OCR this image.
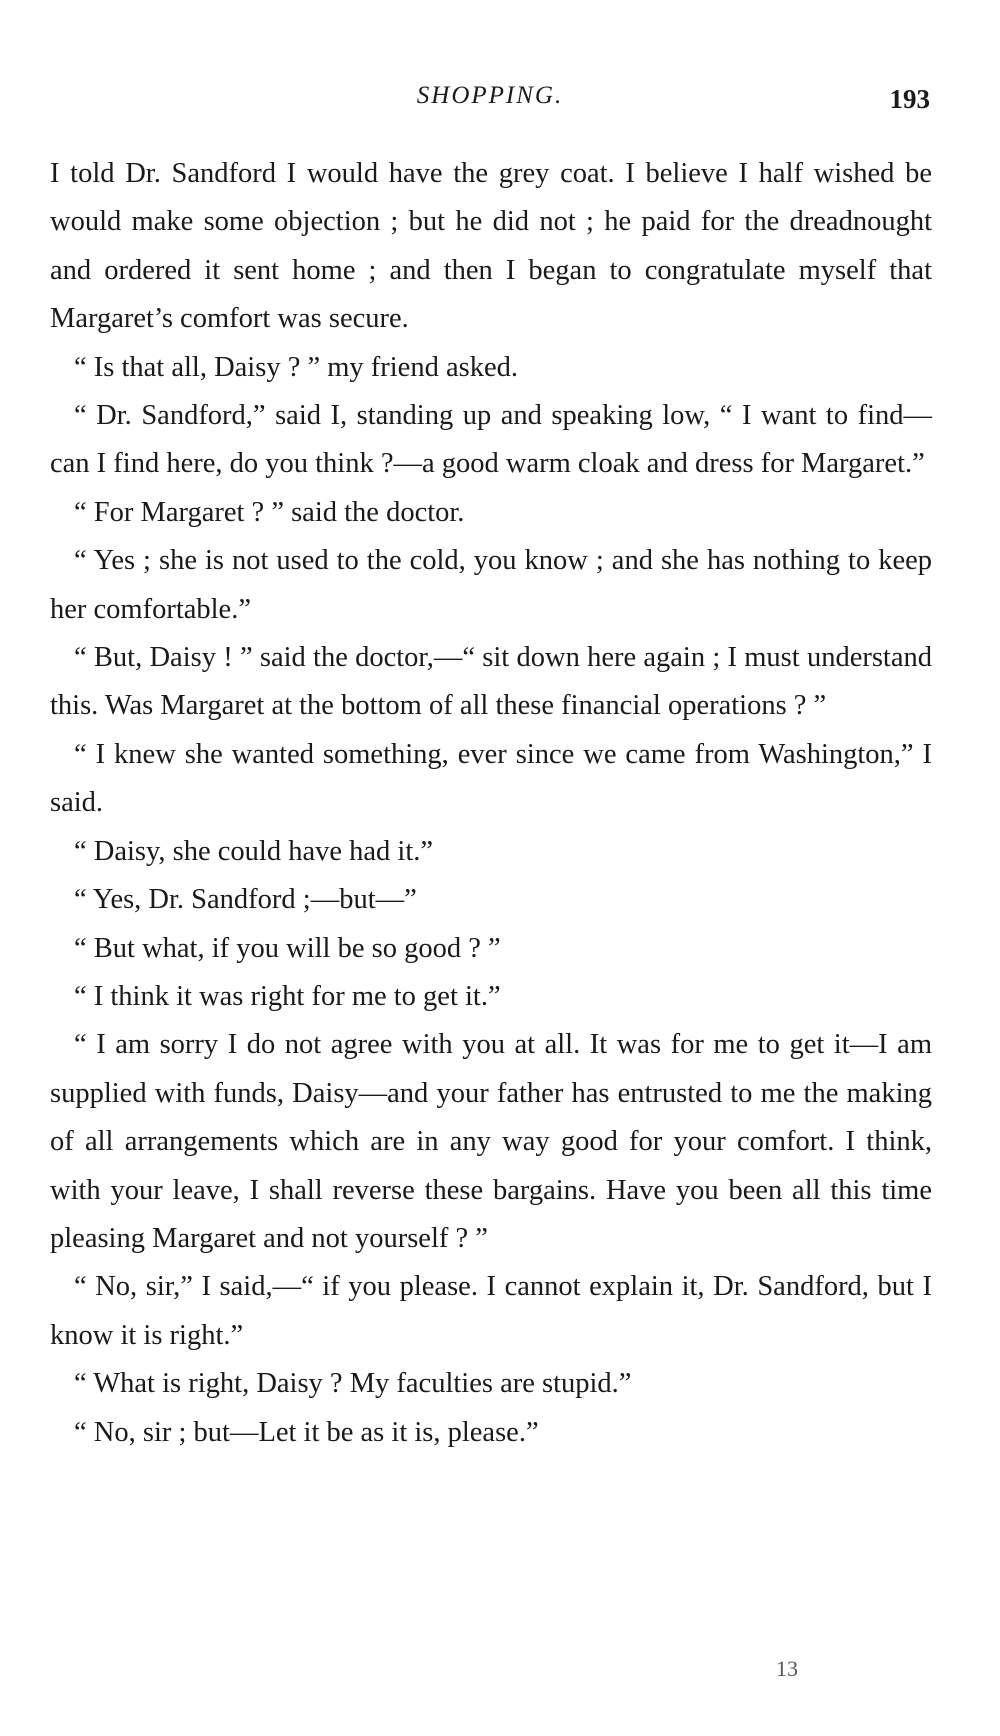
SHOPPING.	193

I told Dr. Sandford I would have the grey coat. I believe I half wished be would make some objection ; but he did not ; he paid for the dreadnought and ordered it sent home ; and then I began to congratulate myself that Margaret’s comfort was secure.

“ Is that all, Daisy ? ” my friend asked.

“ Dr. Sandford,” said I, standing up and speaking low, “ I want to find—can I find here, do you think ?—a good warm cloak and dress for Margaret.”

“ For Margaret ? ” said the doctor.

“ Yes ; she is not used to the cold, you know ; and she has nothing to keep her comfortable.”

“ But, Daisy ! ” said the doctor,—“ sit down here again ; I must understand this. Was Margaret at the bottom of all these financial operations ? ”

“ I knew she wanted something, ever since we came from Washington,” I said.

“ Daisy, she could have had it.”

“ Yes, Dr. Sandford ;—but—”

“ But what, if you will be so good ? ”

“ I think it was right for me to get it.”

“ I am sorry I do not agree with you at all. It was for me to get it—I am supplied with funds, Daisy—and your father has entrusted to me the making of all arrangements which are in any way good for your comfort. I think, with your leave, I shall reverse these bargains. Have you been all this time pleasing Margaret and not yourself ? ”

“ No, sir,” I said,—“ if you please. I cannot explain it, Dr. Sandford, but I know it is right.”

“ What is right, Daisy ? My faculties are stupid.”

“ No, sir ; but—Let it be as it is, please.”

13
